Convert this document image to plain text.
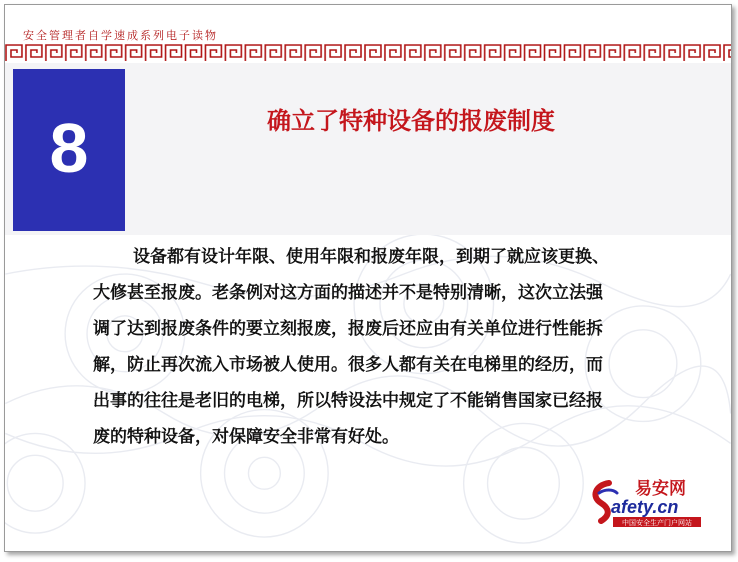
安全管理者自学速成系列电子读物
8	确立了特种设备的报废制度
设备都有设计年限、使用年限和报废年限，到期了就应该更换、
大修甚至报废。老条例对这方面的描述并不是特别清晰，这次立法强
调了达到报废条件的要立刻报废，报废后还应由有关单位进行性能拆
解，防止再次流入市场被人使用。很多人都有关在电梯里的经历，而
出事的往往是老旧的电梯，所以特设法中规定了不能销售国家已经报
废的特种设备，对保障安全非常有好处。
易安网
afety.cn
中国安全生产门户网站
